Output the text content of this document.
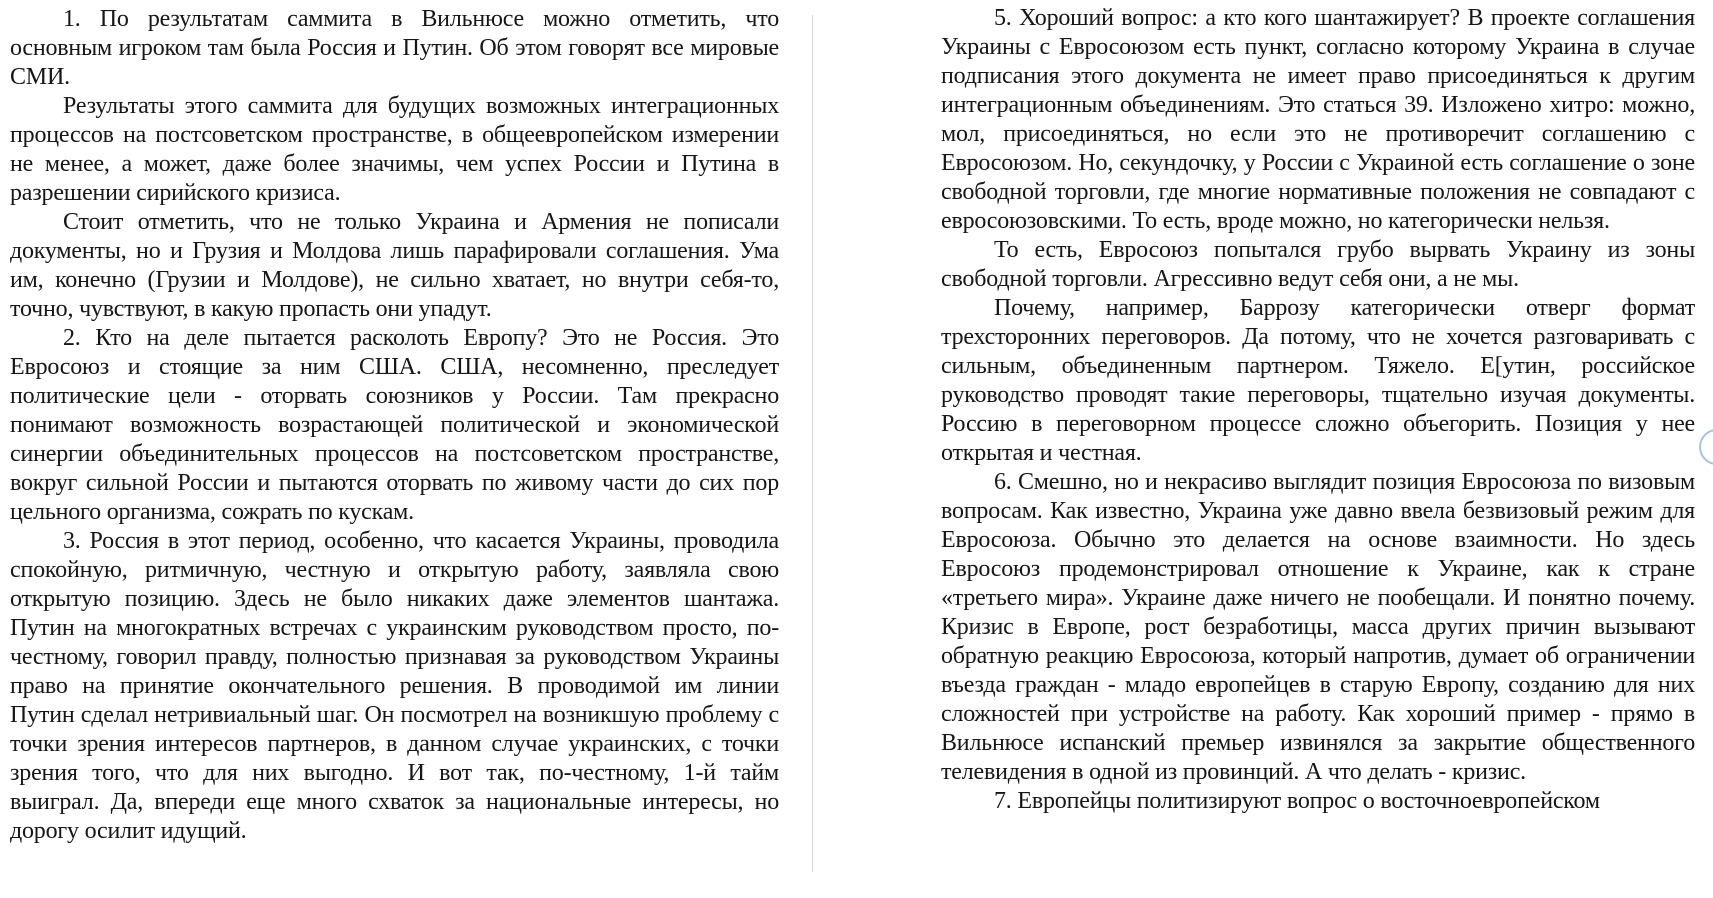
1. По результатам саммита в Вильнюсе можно отметить, что основным игроком там была Россия и Путин. Об этом говорят все мировые СМИ.

Результаты этого саммита для будущих возможных интеграционных процессов на постсоветском пространстве, в общеевропейском измерении не менее, а может, даже более значимы, чем успех России и Путина в разрешении сирийского кризиса.

Стоит отметить, что не только Украина и Армения не пописали документы, но и Грузия и Молдова лишь парафировали соглашения. Ума им, конечно (Грузии и Молдове), не сильно хватает, но внутри себя-то, точно, чувствуют, в какую пропасть они упадут.

2. Кто на деле пытается расколоть Европу? Это не Россия. Это Евросоюз и стоящие за ним США. США, несомненно, преследует политические цели - оторвать союзников у России. Там прекрасно понимают возможность возрастающей политической и экономической синергии объединительных процессов на постсоветском пространстве, вокруг сильной России и пытаются оторвать по живому части до сих пор цельного организма, сожрать по кускам.

3. Россия в этот период, особенно, что касается Украины, проводила спокойную, ритмичную, честную и открытую работу, заявляла свою открытую позицию. Здесь не было никаких даже элементов шантажа. Путин на многократных встречах с украинским руководством просто, по-честному, говорил правду, полностью признавая за руководством Украины право на принятие окончательного решения. В проводимой им линии Путин сделал нетривиальный шаг. Он посмотрел на возникшую проблему с точки зрения интересов партнеров, в данном случае украинских, с точки зрения того, что для них выгодно. И вот так, по-честному, 1-й тайм выиграл. Да, впереди еще много схваток за национальные интересы, но дорогу осилит идущий.

5. Хороший вопрос: а кто кого шантажирует? В проекте соглашения Украины с Евросоюзом есть пункт, согласно которому Украина в случае подписания этого документа не имеет право присоединяться к другим интеграционным объединениям. Это статься 39. Изложено хитро: можно, мол, присоединяться, но если это не противоречит соглашению с Евросоюзом. Но, секундочку, у России с Украиной есть соглашение о зоне свободной торговли, где многие нормативные положения не совпадают с евросоюзовскими. То есть, вроде можно, но категорически нельзя.

То есть, Евросоюз попытался грубо вырвать Украину из зоны свободной торговли. Агрессивно ведут себя они, а не мы.

Почему, например, Баррозу категорически отверг формат трехсторонних переговоров. Да потому, что не хочется разговаривать с сильным, объединенным партнером. Тяжело. Е[утин, российское руководство проводят такие переговоры, тщательно изучая документы. Россию в переговорном процессе сложно объегорить. Позиция у нее открытая и честная.

6. Смешно, но и некрасиво выглядит позиция Евросоюза по визовым вопросам. Как известно, Украина уже давно ввела безвизовый режим для Евросоюза. Обычно это делается на основе взаимности. Но здесь Евросоюз продемонстрировал отношение к Украине, как к стране «третьего мира». Украине даже ничего не пообещали. И понятно почему. Кризис в Европе, рост безработицы, масса других причин вызывают обратную реакцию Евросоюза, который напротив, думает об ограничении въезда граждан - младо европейцев в старую Европу, созданию для них сложностей при устройстве на работу. Как хороший пример - прямо в Вильнюсе испанский премьер извинялся за закрытие общественного телевидения в одной из провинций. А что делать - кризис.

7. Европейцы политизируют вопрос о восточноевропейском
